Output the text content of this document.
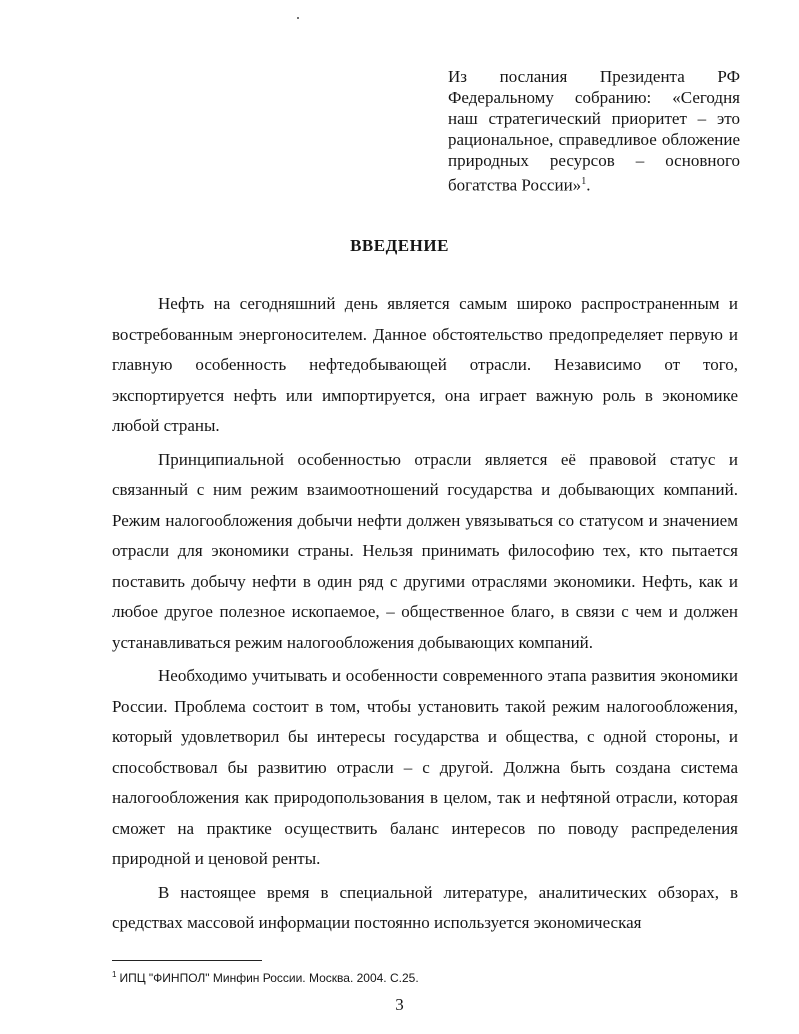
Из послания Президента РФ Федеральному собранию: «Сегодня наш стратегический приоритет – это рациональное, справедливое обложение природных ресурсов – основного богатства России»$^1$.
ВВЕДЕНИЕ

Нефть на сегодняшний день является самым широко распространенным и востребованным энергоносителем. Данное обстоятельство предопределяет первую и главную особенность нефтедобывающей отрасли. Независимо от того, экспортируется нефть или импортируется, она играет важную роль в экономике любой страны.

Принципиальной особенностью отрасли является её правовой статус и связанный с ним режим взаимоотношений государства и добывающих компаний. Режим налогообложения добычи нефти должен увязываться со статусом и значением отрасли для экономики страны. Нельзя принимать философию тех, кто пытается поставить добычу нефти в один ряд с другими отраслями экономики. Нефть, как и любое другое полезное ископаемое, – общественное благо, в связи с чем и должен устанавливаться режим налогообложения добывающих компаний.

Необходимо учитывать и особенности современного этапа развития экономики России. Проблема состоит в том, чтобы установить такой режим налогообложения, который удовлетворил бы интересы государства и общества, с одной стороны, и способствовал бы развитию отрасли – с другой. Должна быть создана система налогообложения как природопользования в целом, так и нефтяной отрасли, которая сможет на практике осуществить баланс интересов по поводу распределения природной и ценовой ренты.

В настоящее время в специальной литературе, аналитических обзорах, в средствах массовой информации постоянно используется экономическая

$^1$ ИПЦ "ФИНПОЛ" Минфин России. Москва. 2004. С.25.
3
